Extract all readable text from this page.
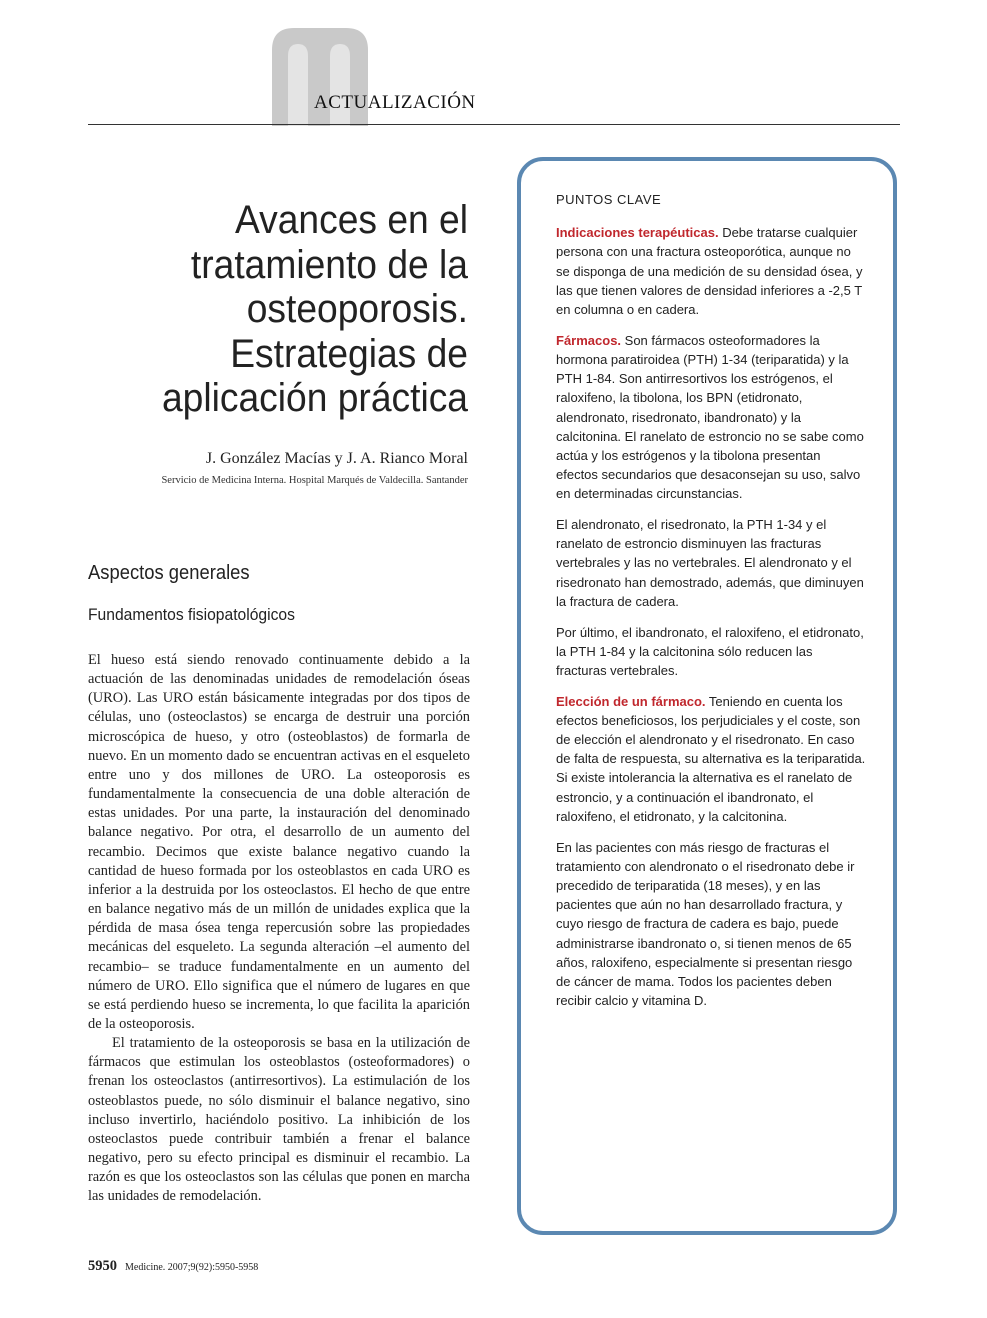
ACTUALIZACIÓN
Avances en el
tratamiento de la
osteoporosis.
Estrategias de
aplicación práctica
J. González Macías y J. A. Rianco Moral
Servicio de Medicina Interna. Hospital Marqués de Valdecilla. Santander
Aspectos generales
Fundamentos fisiopatológicos

El hueso está siendo renovado continuamente debido a la actuación de las denominadas unidades de remodelación óseas (URO). Las URO están básicamente integradas por dos tipos de células, uno (osteoclastos) se encarga de destruir una porción microscópica de hueso, y otro (osteoblastos) de formarla de nuevo. En un momento dado se encuentran activas en el esqueleto entre uno y dos millones de URO. La osteoporosis es fundamentalmente la consecuencia de una doble alteración de estas unidades. Por una parte, la instauración del denominado balance negativo. Por otra, el desarrollo de un aumento del recambio. Decimos que existe balance negativo cuando la cantidad de hueso formada por los osteoblastos en cada URO es inferior a la destruida por los osteoclastos. El hecho de que entre en balance negativo más de un millón de unidades explica que la pérdida de masa ósea tenga repercusión sobre las propiedades mecánicas del esqueleto. La segunda alteración –el aumento del recambio– se traduce fundamentalmente en un aumento del número de URO. Ello significa que el número de lugares en que se está perdiendo hueso se incrementa, lo que facilita la aparición de la osteoporosis.

El tratamiento de la osteoporosis se basa en la utilización de fármacos que estimulan los osteoblastos (osteoformadores) o frenan los osteoclastos (antirresortivos). La estimulación de los osteoblastos puede, no sólo disminuir el balance negativo, sino incluso invertirlo, haciéndolo positivo. La inhibición de los osteoclastos puede contribuir también a frenar el balance negativo, pero su efecto principal es disminuir el recambio. La razón es que los osteoclastos son las células que ponen en marcha las unidades de remodelación.

PUNTOS CLAVE

Indicaciones terapéuticas. Debe tratarse cualquier persona con una fractura osteoporótica, aunque no se disponga de una medición de su densidad ósea, y las que tienen valores de densidad inferiores a -2,5 T en columna o en cadera.

Fármacos. Son fármacos osteoformadores la hormona paratiroidea (PTH) 1-34 (teriparatida) y la PTH 1-84. Son antirresortivos los estrógenos, el raloxifeno, la tibolona, los BPN (etidronato, alendronato, risedronato, ibandronato) y la calcitonina. El ranelato de estroncio no se sabe como actúa y los estrógenos y la tibolona presentan efectos secundarios que desaconsejan su uso, salvo en determinadas circunstancias.

El alendronato, el risedronato, la PTH 1-34 y el ranelato de estroncio disminuyen las fracturas vertebrales y las no vertebrales. El alendronato y el risedronato han demostrado, además, que diminuyen la fractura de cadera.

Por último, el ibandronato, el raloxifeno, el etidronato, la PTH 1-84 y la calcitonina sólo reducen las fracturas vertebrales.

Elección de un fármaco. Teniendo en cuenta los efectos beneficiosos, los perjudiciales y el coste, son de elección el alendronato y el risedronato. En caso de falta de respuesta, su alternativa es la teriparatida. Si existe intolerancia la alternativa es el ranelato de estroncio, y a continuación el ibandronato, el raloxifeno, el etidronato, y la calcitonina.

En las pacientes con más riesgo de fracturas el tratamiento con alendronato o el risedronato debe ir precedido de teriparatida (18 meses), y en las pacientes que aún no han desarrollado fractura, y cuyo riesgo de fractura de cadera es bajo, puede administrarse ibandronato o, si tienen menos de 65 años, raloxifeno, especialmente si presentan riesgo de cáncer de mama. Todos los pacientes deben recibir calcio y vitamina D.

5950 Medicine. 2007;9(92):5950-5958
